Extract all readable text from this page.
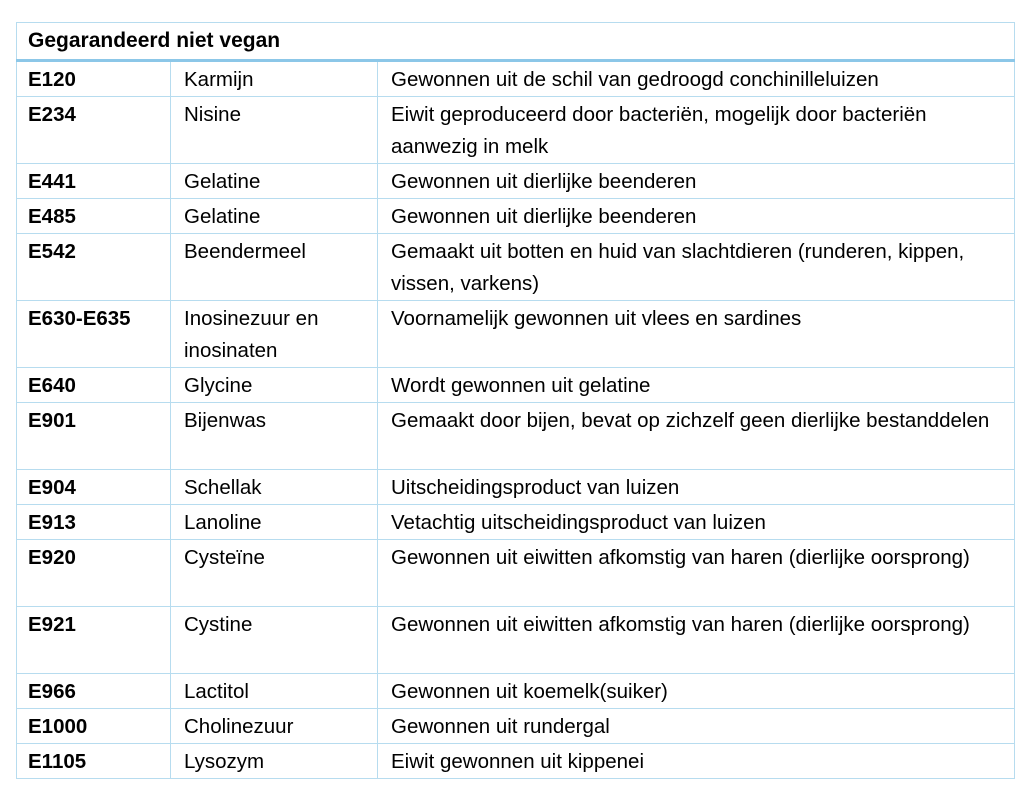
Gegarandeerd niet vegan		
E120	Karmijn	Gewonnen uit de schil van gedroogd conchinilleluizen
E234	Nisine	Eiwit geproduceerd door bacteriën, mogelijk door bacteriën aanwezig in melk
E441	Gelatine	Gewonnen uit dierlijke beenderen
E485	Gelatine	Gewonnen uit dierlijke beenderen
E542	Beendermeel	Gemaakt uit botten en huid van slachtdieren (runderen, kippen, vissen, varkens)
E630-E635	Inosinezuur en inosinaten	Voornamelijk gewonnen uit vlees en sardines
E640	Glycine	Wordt gewonnen uit gelatine
E901	Bijenwas	Gemaakt door bijen, bevat op zichzelf geen dierlijke bestanddelen
E904	Schellak	Uitscheidingsproduct van luizen
E913	Lanoline	Vetachtig uitscheidingsproduct van luizen
E920	Cysteïne	Gewonnen uit eiwitten afkomstig van haren (dierlijke oorsprong)
E921	Cystine	Gewonnen uit eiwitten afkomstig van haren (dierlijke oorsprong)
E966	Lactitol	Gewonnen uit koemelk(suiker)
E1000	Cholinezuur	Gewonnen uit rundergal
E1105	Lysozym	Eiwit gewonnen uit kippenei
